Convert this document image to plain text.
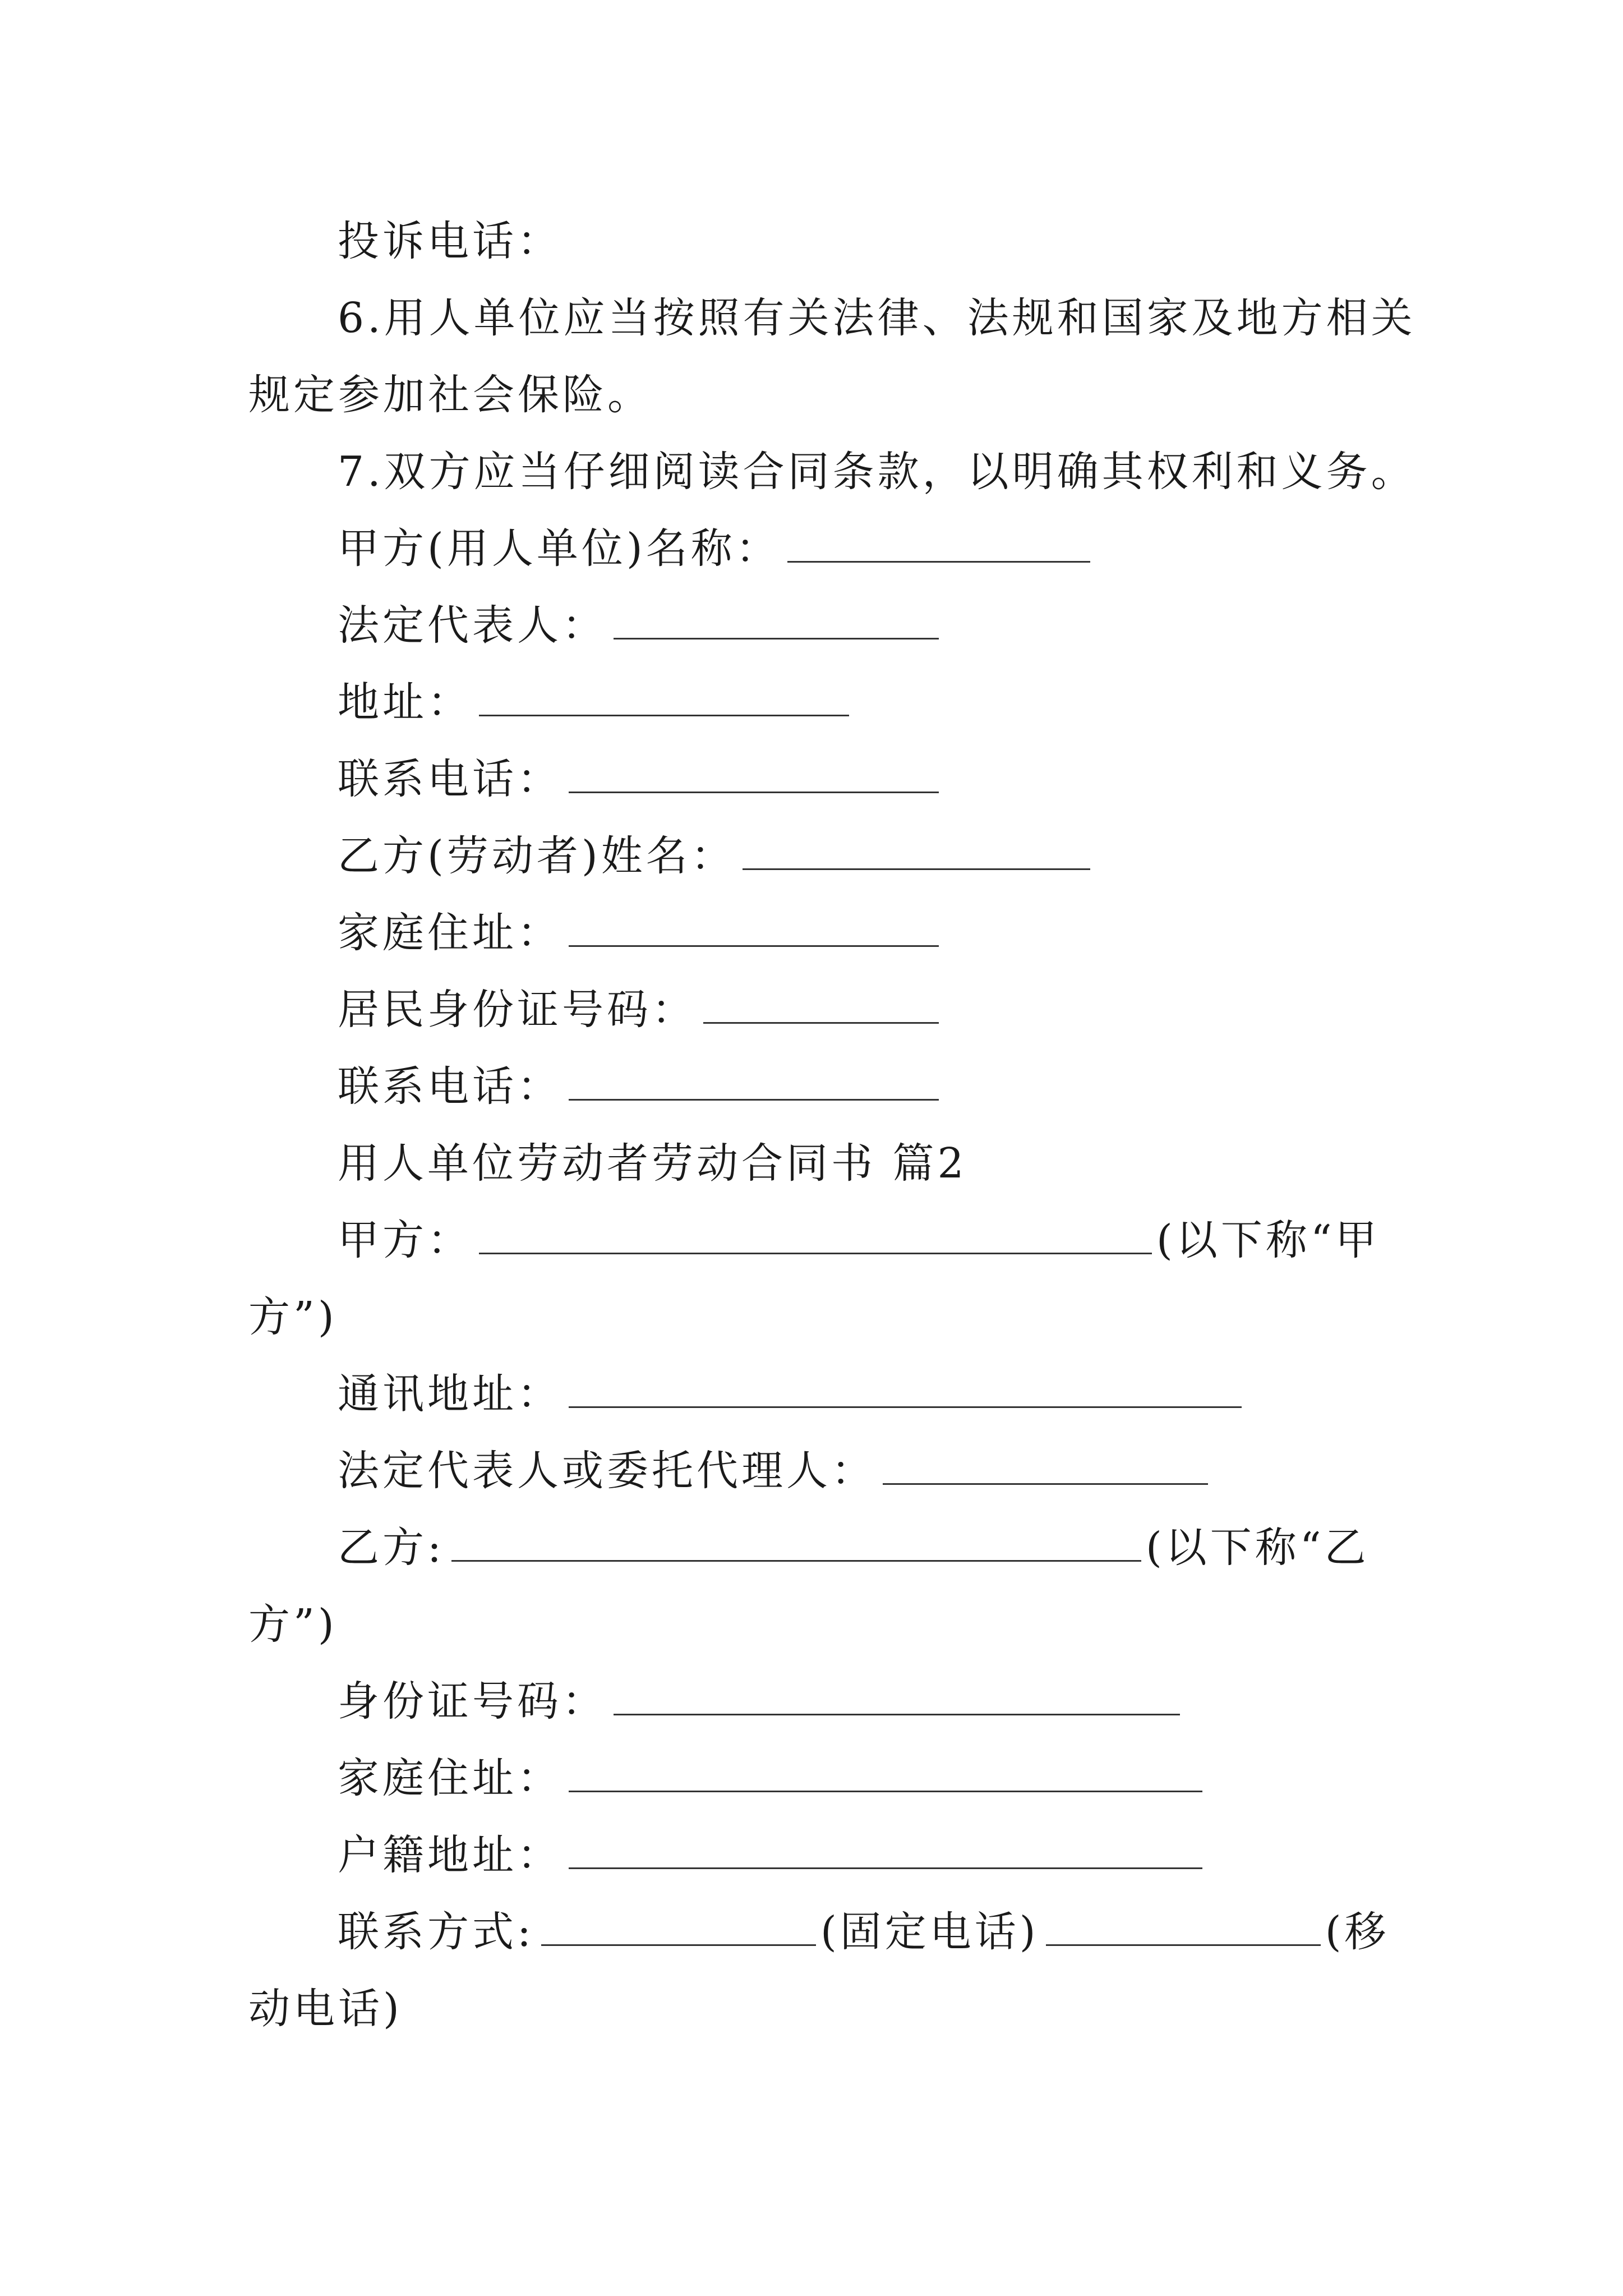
投诉电话：
6.用人单位应当按照有关法律、法规和国家及地方相关
规定参加社会保险。
7.双方应当仔细阅读合同条款，以明确其权利和义务。
甲方(用人单位)名称：
法定代表人：
地址：
联系电话：
乙方(劳动者)姓名：
家庭住址：
居民身份证号码：
联系电话：
用人单位劳动者劳动合同书 篇2
甲方：	(以下称“甲
方”)
通讯地址：
法定代表人或委托代理人：
乙方:	(以下称“乙
方”)
身份证号码：
家庭住址：
户籍地址：
联系方式:	(固定电话)	(移
动电话)
